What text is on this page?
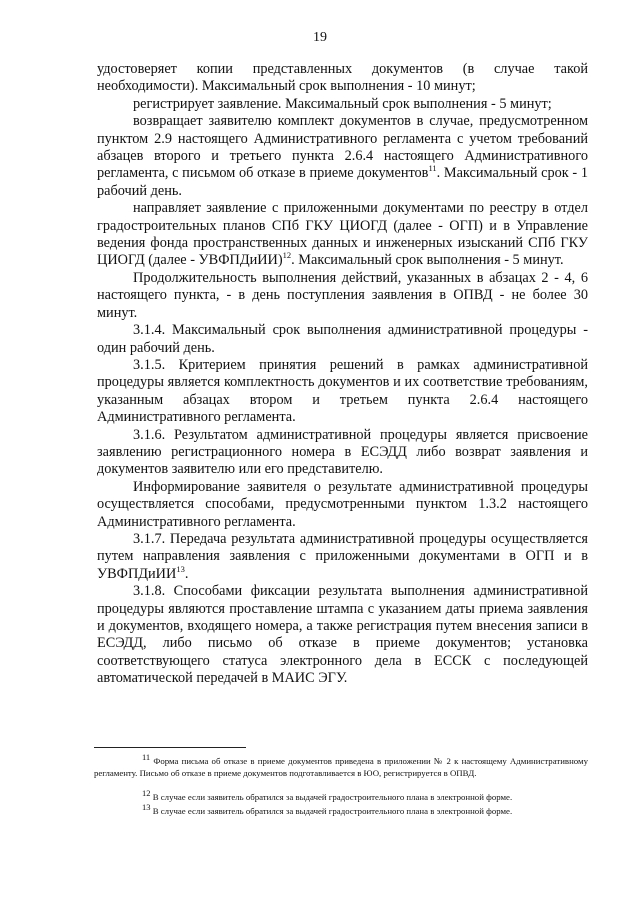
19

удостоверяет копии представленных документов (в случае такой необходимости). Максимальный срок выполнения - 10 минут;

регистрирует заявление. Максимальный срок выполнения - 5 минут;

возвращает заявителю комплект документов в случае, предусмотренном пунктом 2.9 настоящего Административного регламента с учетом требований абзацев второго и третьего пункта 2.6.4 настоящего Административного регламента, с письмом об отказе в приеме документов$^{11}$. Максимальный срок - 1 рабочий день.

направляет заявление с приложенными документами по реестру в отдел градостроительных планов СПб ГКУ ЦИОГД (далее - ОГП) и в Управление ведения фонда пространственных данных и инженерных изысканий СПб ГКУ ЦИОГД (далее - УВФПДиИИ)$^{12}$. Максимальный срок выполнения - 5 минут.

Продолжительность выполнения действий, указанных в абзацах 2 - 4, 6 настоящего пункта, - в день поступления заявления в ОПВД - не более 30 минут.

3.1.4. Максимальный срок выполнения административной процедуры - один рабочий день.

3.1.5. Критерием принятия решений в рамках административной процедуры является комплектность документов и их соответствие требованиям, указанным абзацах втором и третьем пункта 2.6.4 настоящего Административного регламента.

3.1.6. Результатом административной процедуры является присвоение заявлению регистрационного номера в ЕСЭДД либо возврат заявления и документов заявителю или его представителю.

Информирование заявителя о результате административной процедуры осуществляется способами, предусмотренными пунктом 1.3.2 настоящего Административного регламента.

3.1.7. Передача результата административной процедуры осуществляется путем направления заявления с приложенными документами в ОГП и в УВФПДиИИ$^{13}$.

3.1.8. Способами фиксации результата выполнения административной процедуры являются проставление штампа с указанием даты приема заявления и документов, входящего номера, а также регистрация путем внесения записи в ЕСЭДД, либо письмо об отказе в приеме документов; установка соответствующего статуса электронного дела в ЕССК с последующей автоматической передачей в МАИС ЭГУ.

$^{11}$ Форма письма об отказе в приеме документов приведена в приложении № 2 к настоящему Административному регламенту. Письмо об отказе в приеме документов подготавливается в ЮО, регистрируется в ОПВД.

$^{12}$ В случае если заявитель обратился за выдачей градостроительного плана в электронной форме.

$^{13}$ В случае если заявитель обратился за выдачей градостроительного плана в электронной форме.
